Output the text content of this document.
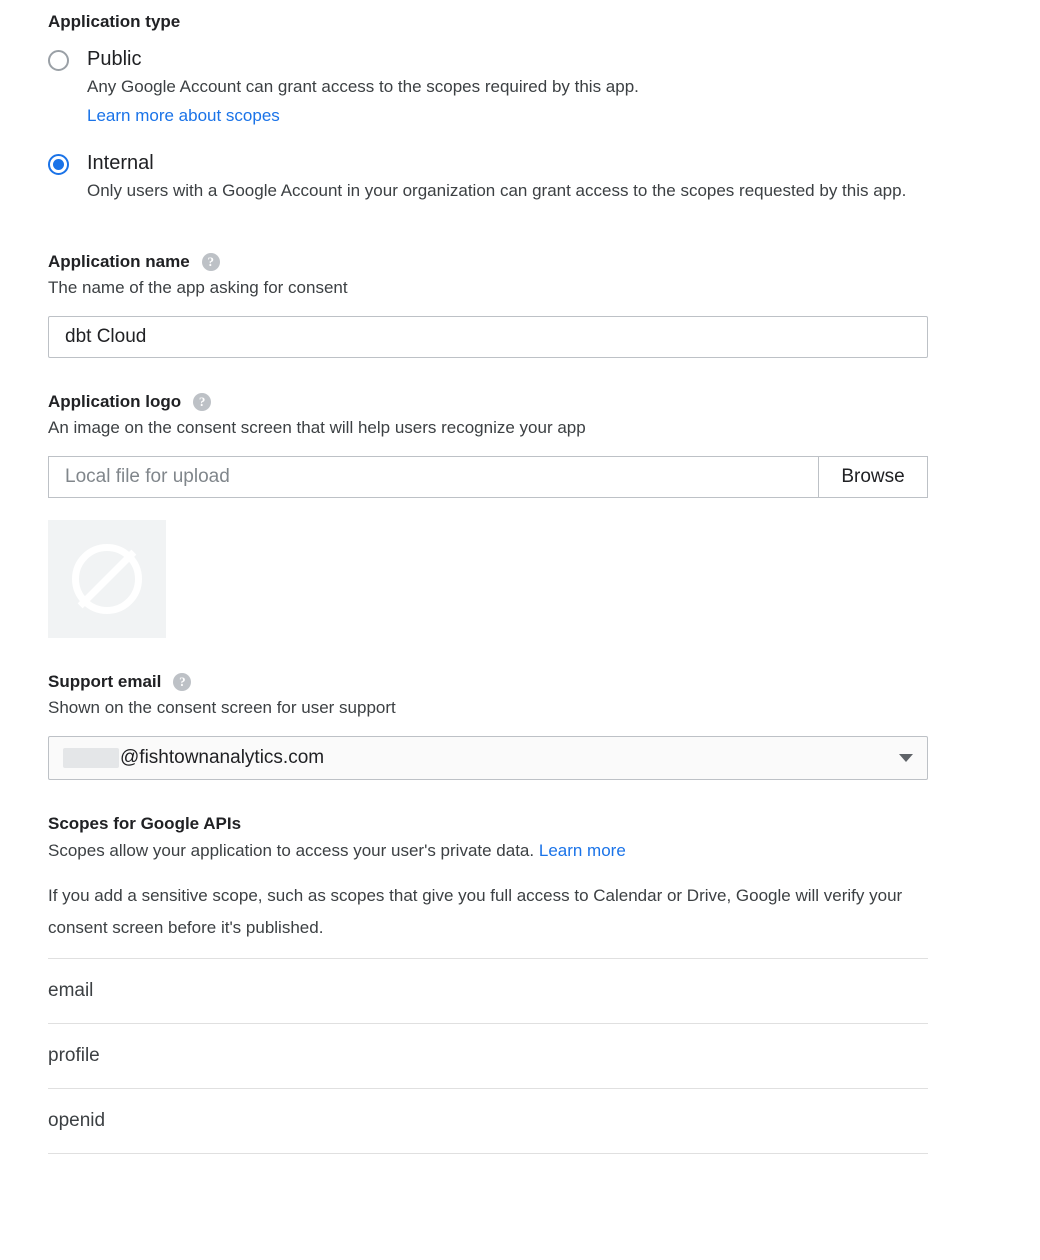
Application type
Public
Any Google Account can grant access to the scopes required by this app.
Learn more about scopes
Internal
Only users with a Google Account in your organization can grant access to the scopes requested by this app.
Application name	?
The name of the app asking for consent
dbt Cloud
Application logo	?
An image on the consent screen that will help users recognize your app
Local file for upload	Browse
Support email	?
Shown on the consent screen for user support
@fishtownanalytics.com
Scopes for Google APIs
Scopes allow your application to access your user's private data. Learn more
If you add a sensitive scope, such as scopes that give you full access to Calendar or Drive, Google will verify your consent screen before it's published.
email
profile
openid
